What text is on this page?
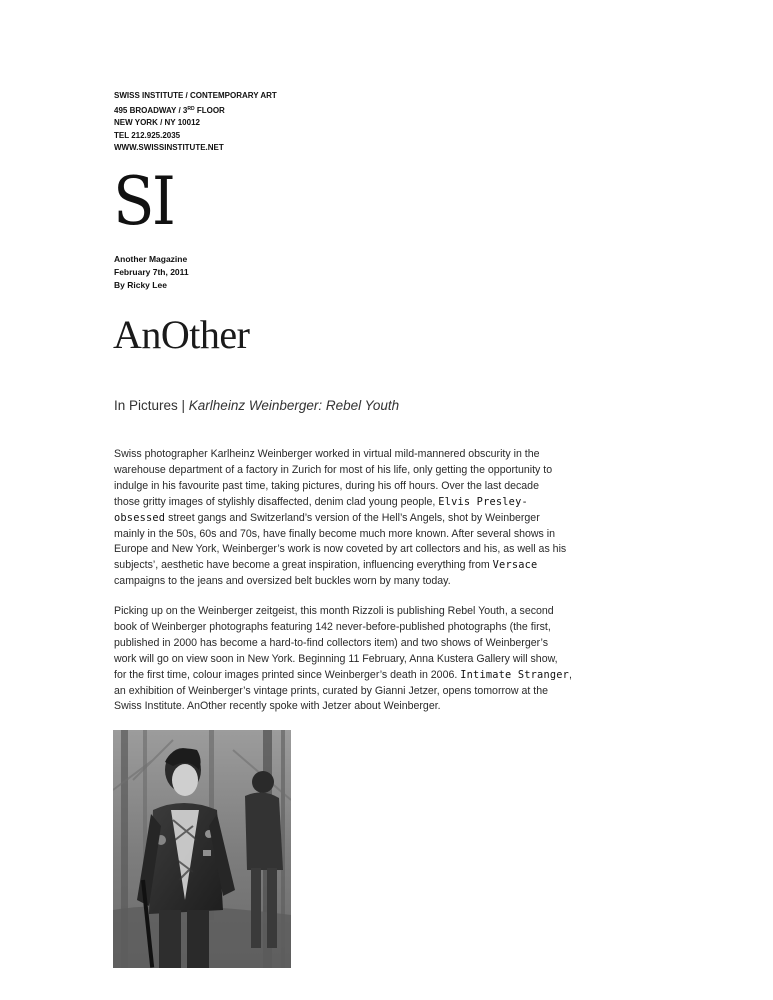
SWISS INSTITUTE / CONTEMPORARY ART
495 BROADWAY / 3RD FLOOR
NEW YORK / NY 10012
TEL 212.925.2035
WWW.SWISSINSTITUTE.NET
SI
Another Magazine
February 7th, 2011
By Ricky Lee
AnOther
In Pictures | Karlheinz Weinberger: Rebel Youth
Swiss photographer Karlheinz Weinberger worked in virtual mild-mannered obscurity in the
warehouse department of a factory in Zurich for most of his life, only getting the opportunity to
indulge in his favourite past time, taking pictures, during his off hours. Over the last decade
those gritty images of stylishly disaffected, denim clad young people, Elvis Presley-
obsessed street gangs and Switzerland’s version of the Hell’s Angels, shot by Weinberger
mainly in the 50s, 60s and 70s, have finally become much more known. After several shows in
Europe and New York, Weinberger’s work is now coveted by art collectors and his, as well as his
subjects’, aesthetic have become a great inspiration, influencing everything from Versace
campaigns to the jeans and oversized belt buckles worn by many today.
Picking up on the Weinberger zeitgeist, this month Rizzoli is publishing Rebel Youth, a second
book of Weinberger photographs featuring 142 never-before-published photographs (the first,
published in 2000 has become a hard-to-find collectors item) and two shows of Weinberger’s
work will go on view soon in New York. Beginning 11 February, Anna Kustera Gallery will show,
for the first time, colour images printed since Weinberger’s death in 2006. Intimate Stranger,
an exhibition of Weinberger’s vintage prints, curated by Gianni Jetzer, opens tomorrow at the
Swiss Institute. AnOther recently spoke with Jetzer about Weinberger.
